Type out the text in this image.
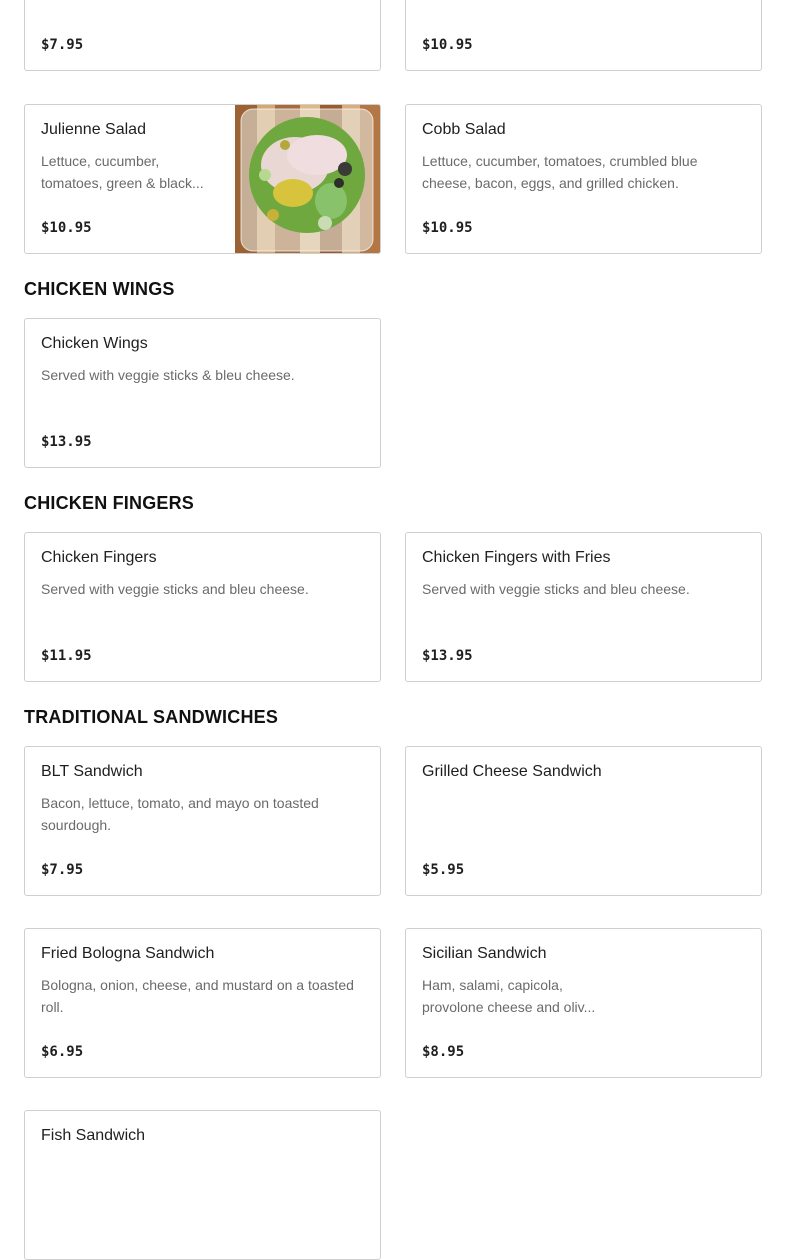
$7.95	$10.95
Julienne Salad
Lettuce, cucumber, tomatoes, green & black...
$10.95
Cobb Salad
Lettuce, cucumber, tomatoes, crumbled blue cheese, bacon, eggs, and grilled chicken.
$10.95
CHICKEN WINGS
Chicken Wings
Served with veggie sticks & bleu cheese.
$13.95
CHICKEN FINGERS
Chicken Fingers
Served with veggie sticks and bleu cheese.
$11.95
Chicken Fingers with Fries
Served with veggie sticks and bleu cheese.
$13.95
TRADITIONAL SANDWICHES
BLT Sandwich
Bacon, lettuce, tomato, and mayo on toasted sourdough.
$7.95
Grilled Cheese Sandwich
$5.95
Fried Bologna Sandwich
Bologna, onion, cheese, and mustard on a toasted roll.
$6.95
Sicilian Sandwich
Ham, salami, capicola, provolone cheese and oliv...
$8.95
Fish Sandwich
